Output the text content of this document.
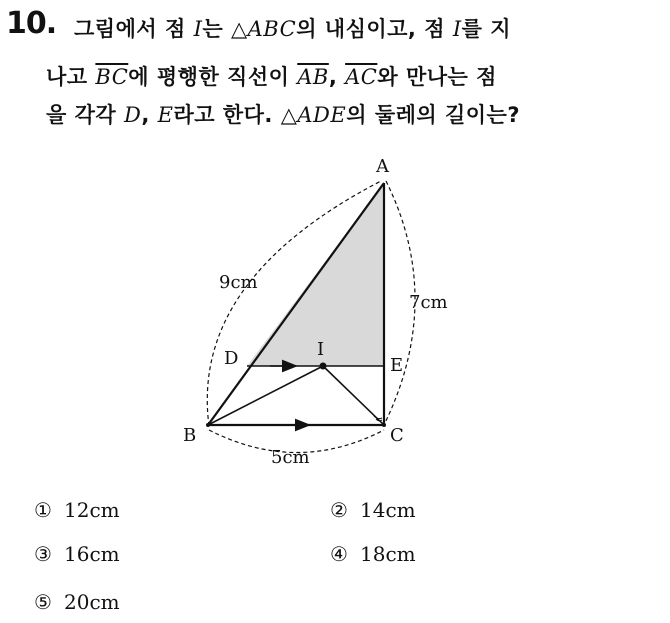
10. 그림에서 점 I는 △ABC의 내심이고, 점 I를 지
나고 $\overline{BC}$에 평행한 직선이 $\overline{AB}$, $\overline{AC}$와 만나는 점
을 각각 D, E라고 한다. △ADE의 둘레의 길이는?
A
B	C
D	E
I
9cm
7cm
5cm
① 12cm	② 14cm
③ 16cm	④ 18cm
⑤ 20cm
